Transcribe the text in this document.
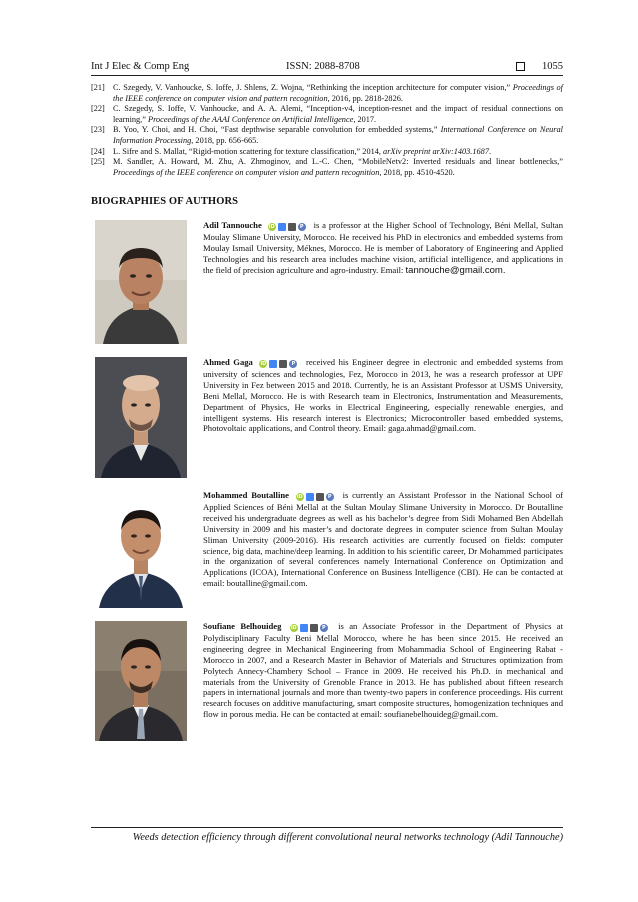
Int J Elec & Comp Eng	ISSN: 2088-8708	1055
[21] C. Szegedy, V. Vanhoucke, S. Ioffe, J. Shlens, Z. Wojna, “Rethinking the inception architecture for computer vision,” Proceedings of the IEEE conference on computer vision and pattern recognition, 2016, pp. 2818-2826.
[22] C. Szegedy, S. Ioffe, V. Vanhoucke, and A. A. Alemi, “Inception-v4, inception-resnet and the impact of residual connections on learning,” Proceedings of the AAAI Conference on Artificial Intelligence, 2017.
[23] B. Yoo, Y. Choi, and H. Choi, “Fast depthwise separable convolution for embedded systems,” International Conference on Neural Information Processing, 2018, pp. 656-665.
[24] L. Sifre and S. Mallat, “Rigid-motion scattering for texture classification,” 2014, arXiv preprint arXiv:1403.1687.
[25] M. Sandler, A. Howard, M. Zhu, A. Zhmoginov, and L.-C. Chen, “MobileNetv2: Inverted residuals and linear bottlenecks,” Proceedings of the IEEE conference on computer vision and pattern recognition, 2018, pp. 4510-4520.
BIOGRAPHIES OF AUTHORS
Adil Tannouche iD	P is a professor at the Higher School of Technology, Béni Mellal, Sultan Moulay Slimane University, Morocco. He received his PhD in electronics and embedded systems from Moulay Ismail University, Méknes, Morocco. He is member of Laboratory of Engineering and Applied Technologies and his research area includes machine vision, artificial intelligence, and applications in the field of precision agriculture and agro-industry. Email: tannouche@gmail.com.
Ahmed Gaga iD	P received his Engineer degree in electronic and embedded systems from university of sciences and technologies, Fez, Morocco in 2013, he was a research professor at UPF University in Fez between 2015 and 2018. Currently, he is an Assistant Professor at USMS University, Beni Mellal, Morocco. He is with Research team in Electronics, Instrumentation and Measurements, Department of Physics, He works in Electrical Engineering, especially renewable energies, and intelligent systems. His research interest is Electronics; Microcontroller based embedded systems, Photovoltaic applications, and Control theory. Email: gaga.ahmad@gmail.com.
Mohammed Boutalline iD	P is currently an Assistant Professor in the National School of Applied Sciences of Béni Mellal at the Sultan Moulay Slimane University in Morocco. Dr Boutalline received his undergraduate degrees as well as his bachelor’s degree from Sidi Mohamed Ben Abdellah University in 2009 and his master’s and doctorate degrees in computer science from Sultan Moulay Sliman University (2009-2016). His research activities are currently focused on fields: computer science, big data, machine/deep learning. In addition to his scientific career, Dr Mohammed participates in the organization of several conferences namely International Conference on Optimization and Applications (ICOA), International Conference on Business Intelligence (CBI). He can be contacted at email: boutalline@gmail.com.
Soufiane Belhouideg iD	P is an Associate Professor in the Department of Physics at Polydisciplinary Faculty Beni Mellal Morocco, where he has been since 2015. He received an engineering degree in Mechanical Engineering from Mohammadia School of Engineering Rabat - Morocco in 2007, and a Research Master in Behavior of Materials and Structures optimization from Polytech Annecy-Chambery School – France in 2009. He received his Ph.D. in mechanical and materials from the University of Grenoble France in 2013. He has published about fifteen research papers in international journals and more than twenty-two papers in conference proceedings. His current research focuses on additive manufacturing, smart composite structures, homogenization techniques and flow in porous media. He can be contacted at email: soufianebelhouideg@gmail.com.
Weeds detection efficiency through different convolutional neural networks technology (Adil Tannouche)
